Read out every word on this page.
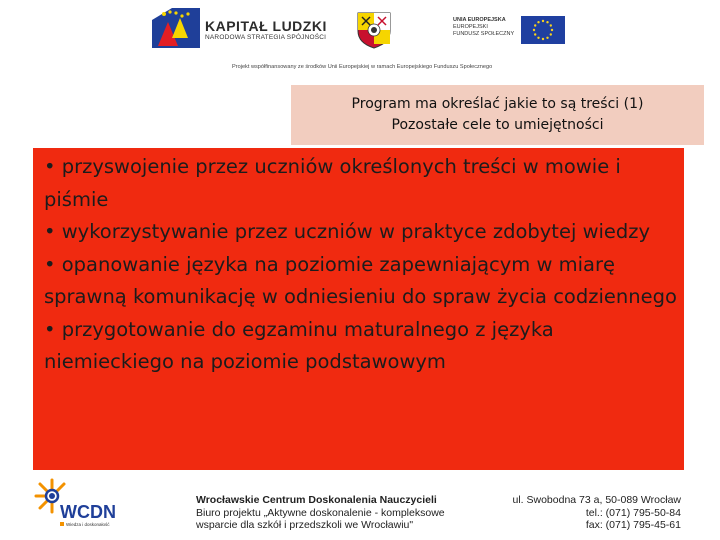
KAPITAŁ LUDZKI
NARODOWA STRATEGIA SPÓJNOŚCI
UNIA EUROPEJSKA
EUROPEJSKI
FUNDUSZ SPOŁECZNY
Projekt współfinansowany ze środków Unii Europejskiej w ramach Europejskiego Funduszu Społecznego
Program ma określać jakie to są treści (1)
Pozostałe cele to umiejętności
• przyswojenie przez uczniów określonych treści w mowie i piśmie
• wykorzystywanie przez uczniów w praktyce zdobytej wiedzy
• opanowanie języka na poziomie zapewniającym w miarę sprawną komunikację w odniesieniu do spraw życia codziennego
• przygotowanie do egzaminu maturalnego z języka niemieckiego na poziomie podstawowym
WCDN
Wiedza i doskonałość
Wrocławskie Centrum Doskonalenia Nauczycieli
Biuro projektu „Aktywne doskonalenie - kompleksowe
wsparcie dla szkół i przedszkoli we Wrocławiu"
ul. Swobodna 73 a, 50-089 Wrocław
tel.: (071) 795-50-84
fax: (071) 795-45-61
